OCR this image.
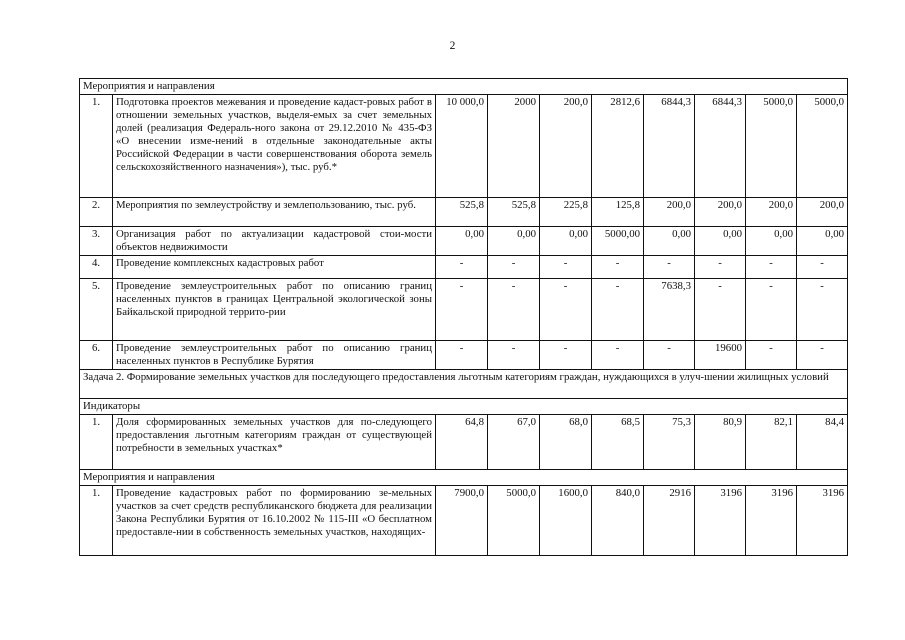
2
Мероприятия и направления									
1.	Подготовка проектов межевания и проведение кадаст-ровых работ в отношении земельных участков, выделя-емых за счет земельных долей (реализация Федераль-ного закона от 29.12.2010 № 435-ФЗ «О внесении изме-нений в отдельные законодательные акты Российской Федерации в части совершенствования оборота земель сельскохозяйственного назначения»), тыс. руб.*	10 000,0	2000	200,0	2812,6	6844,3	6844,3	5000,0	5000,0
2.	Мероприятия по землеустройству и землепользованию, тыс. руб.	525,8	525,8	225,8	125,8	200,0	200,0	200,0	200,0
3.	Организация работ по актуализации кадастровой стои-мости объектов недвижимости	0,00	0,00	0,00	5000,00	0,00	0,00	0,00	0,00
4.	Проведение комплексных кадастровых работ	-	-	-	-	-	-	-	-
5.	Проведение землеустроительных работ по описанию границ населенных пунктов в границах Центральной экологической зоны Байкальской природной террито-рии	-	-	-	-	7638,3	-	-	-
6.	Проведение землеустроительных работ по описанию границ населенных пунктов в Республике Бурятия	-	-	-	-	-	19600	-	-
Задача 2. Формирование земельных участков для последующего предоставления льготным категориям граждан, нуждающихся в улуч-шении жилищных условий									
Индикаторы									
1.	Доля сформированных земельных участков для по-следующего предоставления льготным категориям граждан от существующей потребности в земельных участках*	64,8	67,0	68,0	68,5	75,3	80,9	82,1	84,4
Мероприятия и направления									
1.	Проведение кадастровых работ по формированию зе-мельных участков за счет средств республиканского бюджета для реализации Закона Республики Бурятия от 16.10.2002 № 115-III «О бесплатном предоставле-нии в собственность земельных участков, находящих-	7900,0	5000,0	1600,0	840,0	2916	3196	3196	3196
